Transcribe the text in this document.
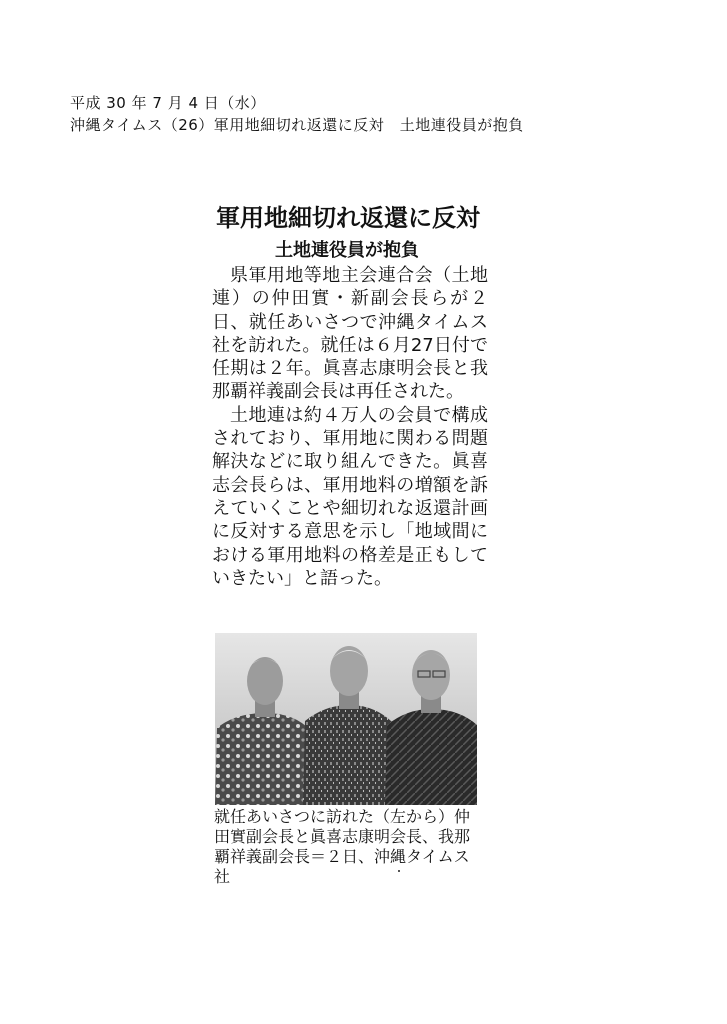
平成 30 年 7 月 4 日（水）
沖縄タイムス（26）軍用地細切れ返還に反対　土地連役員が抱負
軍用地細切れ返還に反対
土地連役員が抱負

県軍用地等地主会連合会（土地連）の仲田實・新副会長らが２日、就任あいさつで沖縄タイムス社を訪れた。就任は６月27日付で任期は２年。眞喜志康明会長と我那覇祥義副会長は再任された。

土地連は約４万人の会員で構成されており、軍用地に関わる問題解決などに取り組んできた。眞喜志会長らは、軍用地料の増額を訴えていくことや細切れな返還計画に反対する意思を示し「地域間における軍用地料の格差是正もしていきたい」と語った。

就任あいさつに訪れた（左から）仲田實副会長と眞喜志康明会長、我那覇祥義副会長＝２日、沖縄タイムス社
